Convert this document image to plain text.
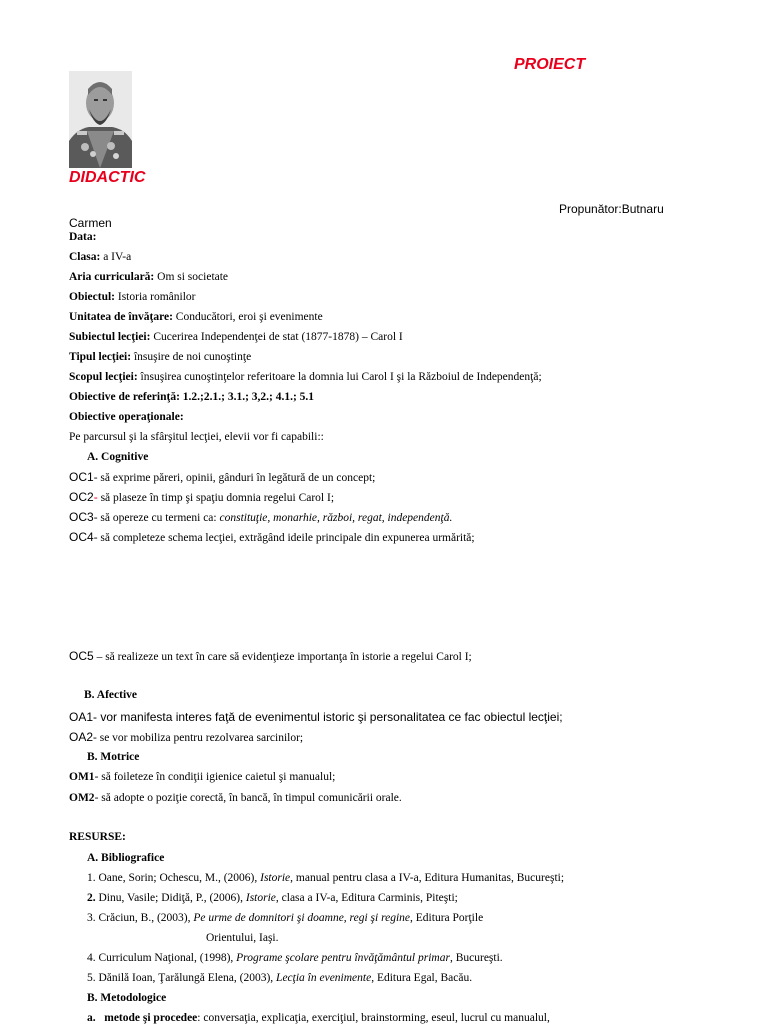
PROIECT
DIDACTIC
Propunător:Butnaru
Carmen
Data:
Clasa: a IV-a
Aria curriculară: Om si societate
Obiectul: Istoria românilor
Unitatea de învăţare: Conducători, eroi şi evenimente
Subiectul lecţiei: Cucerirea Independenţei de stat (1877-1878) – Carol I
Tipul lecţiei: însuşire de noi cunoştinţe
Scopul lecţiei: însuşirea cunoştinţelor referitoare la domnia lui Carol I şi la Războiul de Independenţă;
Obiective de referinţă: 1.2.;2.1.; 3.1.; 3,2.; 4.1.; 5.1
Obiective operaţionale:
Pe parcursul şi la sfârşitul lecţiei, elevii vor fi capabili::
A. Cognitive
OC1- să exprime păreri, opinii, gânduri în legătură de un concept;
OC2- să plaseze în timp şi spaţiu domnia regelui Carol I;
OC3- să opereze cu termeni ca: constituţie, monarhie, război, regat, independenţă.
OC4- să completeze schema lecţiei, extrăgând ideile principale din expunerea urmărită;
OC5 – să realizeze un text în care să evidenţieze importanţa în istorie a regelui Carol I;
B. Afective
OA1- vor manifesta interes faţă de evenimentul istoric şi personalitatea ce fac obiectul lecţiei;
OA2- se vor mobiliza pentru rezolvarea sarcinilor;
B. Motrice
OM1- să foileteze în condiţii igienice caietul şi manualul;
OM2- să adopte o poziţie corectă, în bancă, în timpul comunicării orale.
RESURSE:
A. Bibliografice
1. Oane, Sorin; Ochescu, M., (2006), Istorie, manual pentru clasa a IV-a, Editura Humanitas, Bucureşti;
2. Dinu, Vasile; Didiţă, P., (2006), Istorie, clasa a IV-a, Editura Carminis, Piteşti;
3. Crăciun, B., (2003), Pe urme de domnitori şi doamne, regi şi regine, Editura Porţile
Orientului, Iaşi.
4. Curriculum Naţional, (1998), Programe şcolare pentru învăţământul primar, Bucureşti.
5. Dănilă Ioan, Ţarălungă Elena, (2003), Lecţia în evenimente, Editura Egal, Bacău.
B. Metodologice
a. metode şi procedee: conversaţia, explicaţia, exerciţiul, brainstorming, eseul, lucrul cu manualul,
